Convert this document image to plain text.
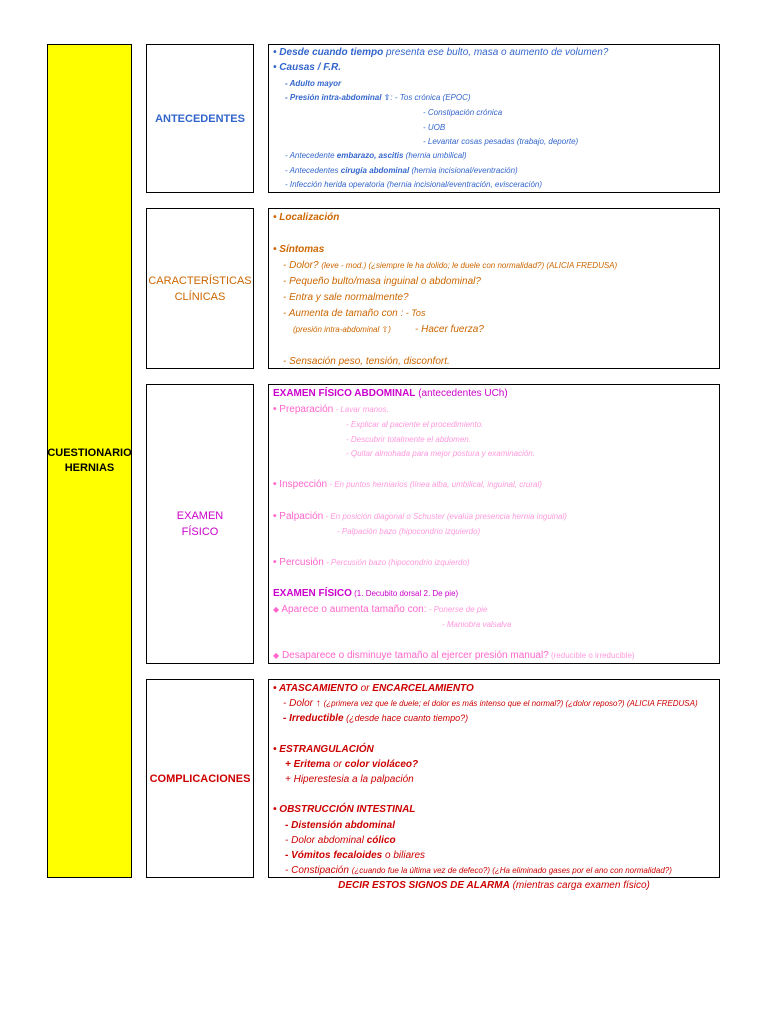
CUESTIONARIO
HERNIAS
ANTECEDENTES
• Desde cuando tiempo presenta ese bulto, masa o aumento de volumen?
• Causas / F.R.
- Adulto mayor
- Presión intra-abdominal ⇧: - Tos crónica (EPOC)
- Constipación crónica
- UOB
- Levantar cosas pesadas (trabajo, deporte)
- Antecedente embarazo, ascitis (hernia umbilical)
- Antecedentes cirugía abdominal (hernia incisional/eventración)
- Infección herida operatoria (hernia incisional/eventración, evisceración)
CARACTERÍSTICAS
CLÍNICAS
• Localización
• Síntomas
- Dolor? (leve - mod.) (¿siempre le ha dolido; le duele con normalidad?) (ALICIA FREDUSA)
- Pequeño bulto/masa inguinal o abdominal?
- Entra y sale normalmente?
- Aumenta de tamaño con : - Tos
(presión intra-abdominal ⇧) - Hacer fuerza?
- Sensación peso, tensión, disconfort.
EXAMEN
FÍSICO
EXAMEN FÍSICO ABDOMINAL (antecedentes UCh)
• Preparación - Lavar manos.
- Explicar al paciente el procedimiento.
- Descubrir totalmente el abdomen.
- Quitar almohada para mejor postura y examinación.
• Inspección - En puntos herniarios (línea alba, umbilical, inguinal, crural)
• Palpación - En posición diagonal o Schuster (evalúa presencia hernia inguinal)
- Palpación bazo (hipocondrio izquierdo)
• Percusión - Percusión bazo (hipocondrio izquierdo)
EXAMEN FÍSICO (1. Decubito dorsal 2. De pie)
◆ Aparece o aumenta tamaño con: - Ponerse de pie
- Maniobra valsalva
◆ Desaparece o disminuye tamaño al ejercer presión manual? (reducible o irreducible)
COMPLICACIONES
• ATASCAMIENTO or ENCARCELAMIENTO
- Dolor ↑ (¿primera vez que le duele; el dolor es más intenso que el normal?) (¿dolor reposo?) (ALICIA FREDUSA)
- Irreductible (¿desde hace cuanto tiempo?)
• ESTRANGULACIÓN
+ Eritema or color violáceo?
+ Hiperestesia a la palpación
• OBSTRUCCIÓN INTESTINAL
- Distensión abdominal
- Dolor abdominal cólico
- Vómitos fecaloides o biliares
- Constipación (¿cuando fue la última vez de defeco?) (¿Ha eliminado gases por el ano con normalidad?)
DECIR ESTOS SIGNOS DE ALARMA (mientras carga examen físico)
